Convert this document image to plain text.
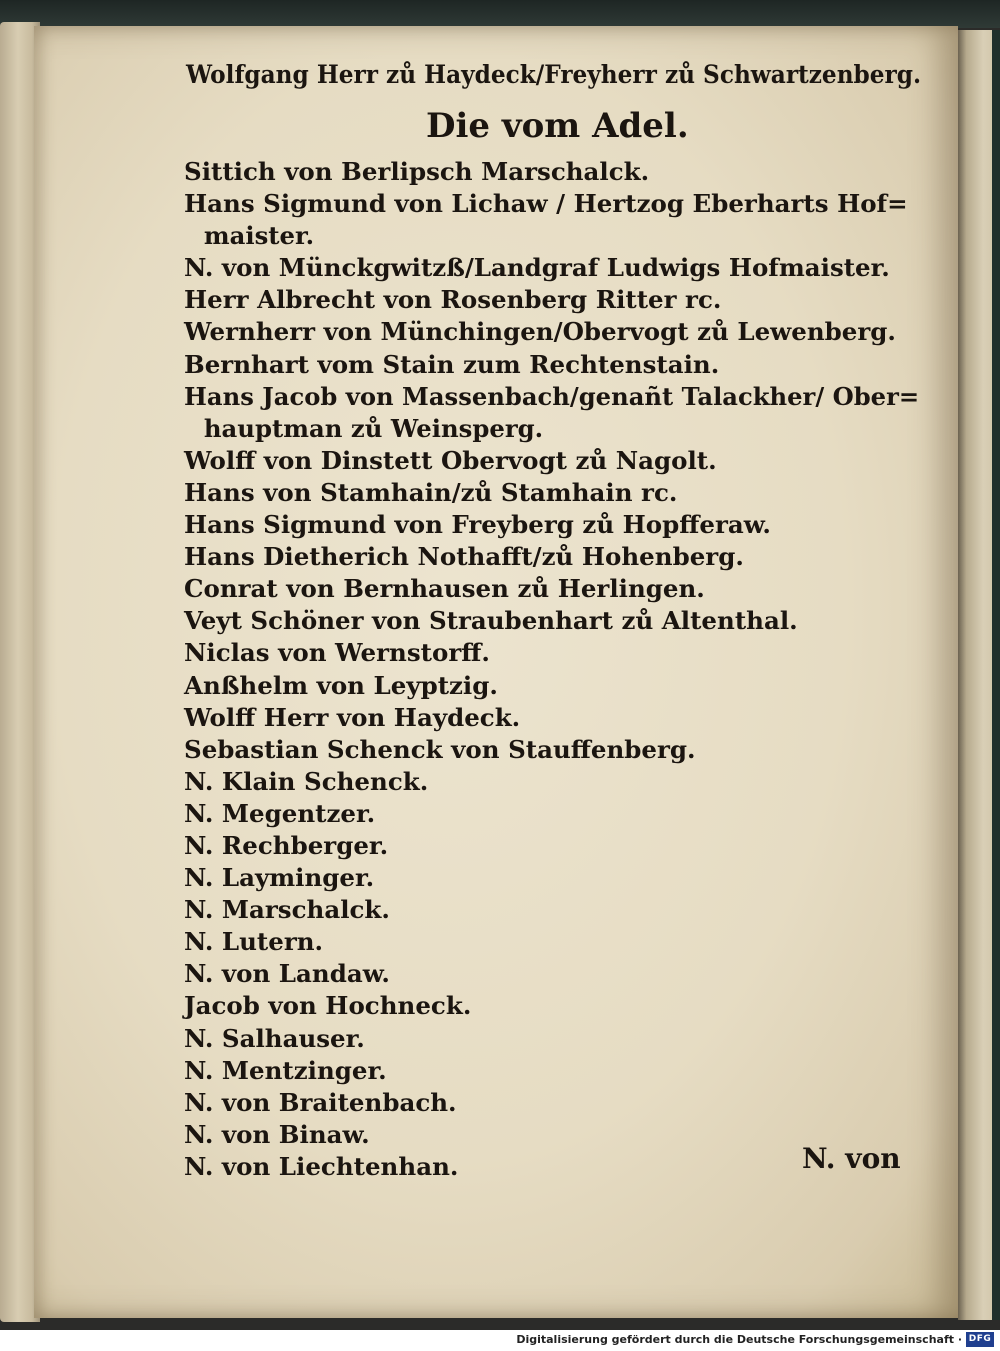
Wolfgang Herr zů Haydeck/Freyherr zů Schwartzenberg.
Die vom Adel.
Sittich von Berlipsch Marschalck.
Hans Sigmund von Lichaw / Hertzog Eberharts Hof=
maister.
N. von Münckgwitzß/Landgraf Ludwigs Hofmaister.
Herr Albrecht von Rosenberg Ritter rc.
Wernherr von Münchingen/Obervogt zů Lewenberg.
Bernhart vom Stain zum Rechtenstain.
Hans Jacob von Massenbach/genañt Talackher/ Ober=
hauptman zů Weinsperg.
Wolff von Dinstett Obervogt zů Nagolt.
Hans von Stamhain/zů Stamhain rc.
Hans Sigmund von Freyberg zů Hopfferaw.
Hans Dietherich Nothafft/zů Hohenberg.
Conrat von Bernhausen zů Herlingen.
Veyt Schöner von Straubenhart zů Altenthal.
Niclas von Wernstorff.
Anßhelm von Leyptzig.
Wolff Herr von Haydeck.
Sebastian Schenck von Stauffenberg.
N. Klain Schenck.
N. Megentzer.
N. Rechberger.
N. Layminger.
N. Marschalck.
N. Lutern.
N. von Landaw.
Jacob von Hochneck.
N. Salhauser.
N. Mentzinger.
N. von Braitenbach.
N. von Binaw.
N. von Liechtenhan.	N. von
Digitalisierung gefördert durch die Deutsche Forschungsgemeinschaft · DFG
